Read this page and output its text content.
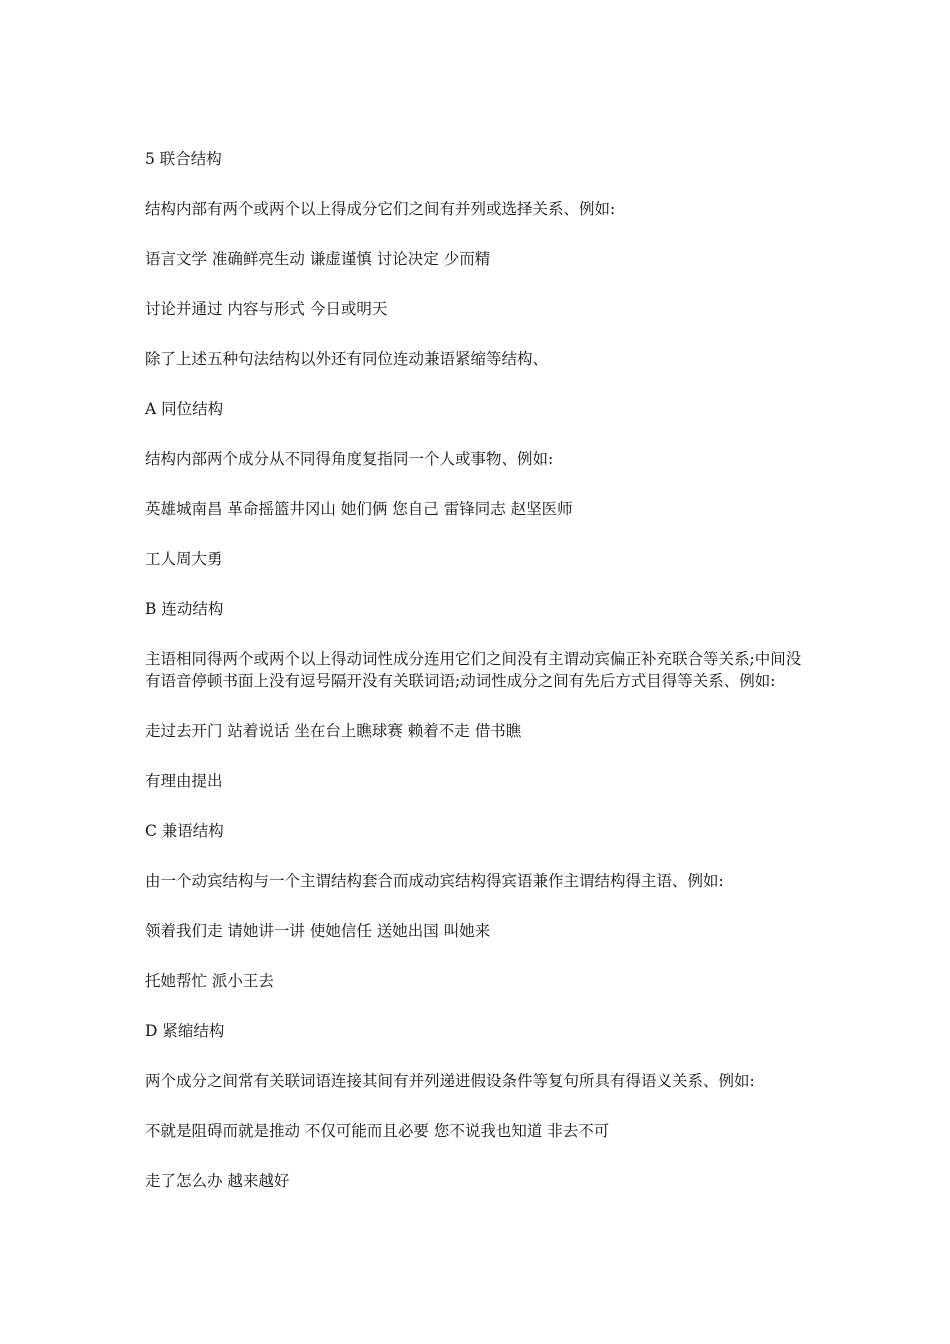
5 联合结构

结构内部有两个或两个以上得成分它们之间有并列或选择关系、例如:

语言文学 准确鲜亮生动 谦虚谨慎 讨论决定 少而精

讨论并通过 内容与形式 今日或明天

除了上述五种句法结构以外还有同位连动兼语紧缩等结构、

A 同位结构

结构内部两个成分从不同得角度复指同一个人或事物、例如:

英雄城南昌 革命摇篮井冈山 她们俩 您自己 雷锋同志 赵坚医师

工人周大勇

B 连动结构

主语相同得两个或两个以上得动词性成分连用它们之间没有主谓动宾偏正补充联合等关系;中间没有语音停顿书面上没有逗号隔开没有关联词语;动词性成分之间有先后方式目得等关系、例如:

走过去开门 站着说话 坐在台上瞧球赛 赖着不走 借书瞧

有理由提出

C 兼语结构

由一个动宾结构与一个主谓结构套合而成动宾结构得宾语兼作主谓结构得主语、例如:

领着我们走 请她讲一讲 使她信任 送她出国 叫她来

托她帮忙 派小王去

D 紧缩结构

两个成分之间常有关联词语连接其间有并列递进假设条件等复句所具有得语义关系、例如:

不就是阻碍而就是推动 不仅可能而且必要 您不说我也知道 非去不可

走了怎么办 越来越好
